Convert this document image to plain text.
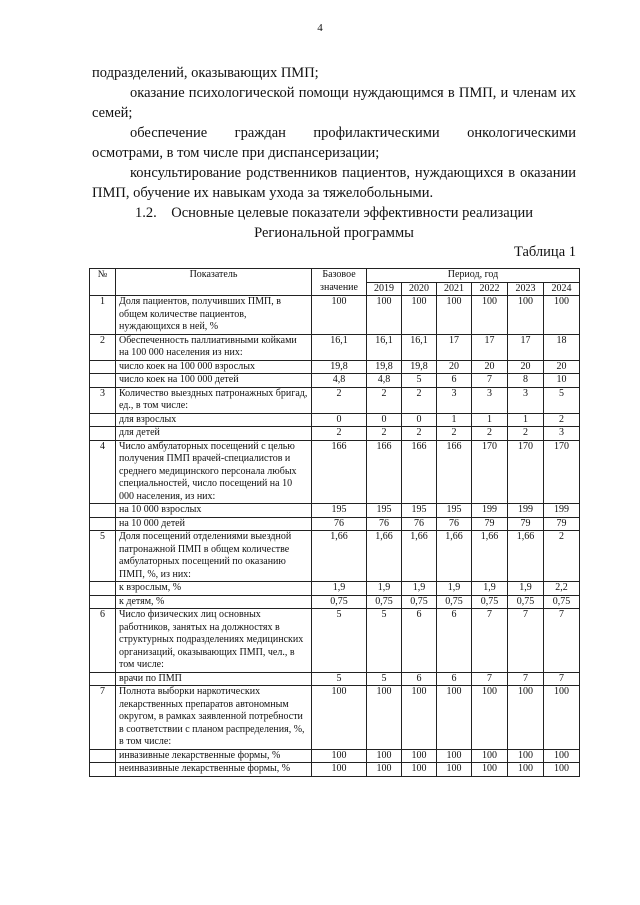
4

подразделений, оказывающих ПМП;

оказание психологической помощи нуждающимся в ПМП, и членам их семей;

обеспечение граждан профилактическими онкологическими осмотрами, в том числе при диспансеризации;

консультирование родственников пациентов, нуждающихся в оказании ПМП, обучение их навыкам ухода за тяжелобольными.

1.2. Основные целевые показатели эффективности реализации
Региональной программы
Таблица 1
№	Показатель	Базовое значение	Период, год					
			2019	2020	2021	2022	2023	2024
1	Доля пациентов, получивших ПМП, в общем количестве пациентов, нуждающихся в ней, %	100	100	100	100	100	100	100
2	Обеспеченность паллиативными койками на 100 000 населения из них:	16,1	16,1	16,1	17	17	17	18
	число коек на 100 000 взрослых	19,8	19,8	19,8	20	20	20	20
	число коек на 100 000 детей	4,8	4,8	5	6	7	8	10
3	Количество выездных патронажных бригад, ед., в том числе:	2	2	2	3	3	3	5
	для взрослых	0	0	0	1	1	1	2
	для детей	2	2	2	2	2	2	3
4	Число амбулаторных посещений с целью получения ПМП врачей-специалистов и среднего медицинского персонала любых специальностей, число посещений на 10 000 населения, из них:	166	166	166	166	170	170	170
	на 10 000 взрослых	195	195	195	195	199	199	199
	на 10 000 детей	76	76	76	76	79	79	79
5	Доля посещений отделениями выездной патронажной ПМП в общем количестве амбулаторных посещений по оказанию ПМП, %, из них:	1,66	1,66	1,66	1,66	1,66	1,66	2
	к взрослым, %	1,9	1,9	1,9	1,9	1,9	1,9	2,2
	к детям, %	0,75	0,75	0,75	0,75	0,75	0,75	0,75
6	Число физических лиц основных работников, занятых на должностях в структурных подразделениях медицинских организаций, оказывающих ПМП, чел., в том числе:	5	5	6	6	7	7	7
	врачи по ПМП	5	5	6	6	7	7	7
7	Полнота выборки наркотических лекарственных препаратов автономным округом, в рамках заявленной потребности в соответствии с планом распределения, %, в том числе:	100	100	100	100	100	100	100
	инвазивные лекарственные формы, %	100	100	100	100	100	100	100
	неинвазивные лекарственные формы, %	100	100	100	100	100	100	100
